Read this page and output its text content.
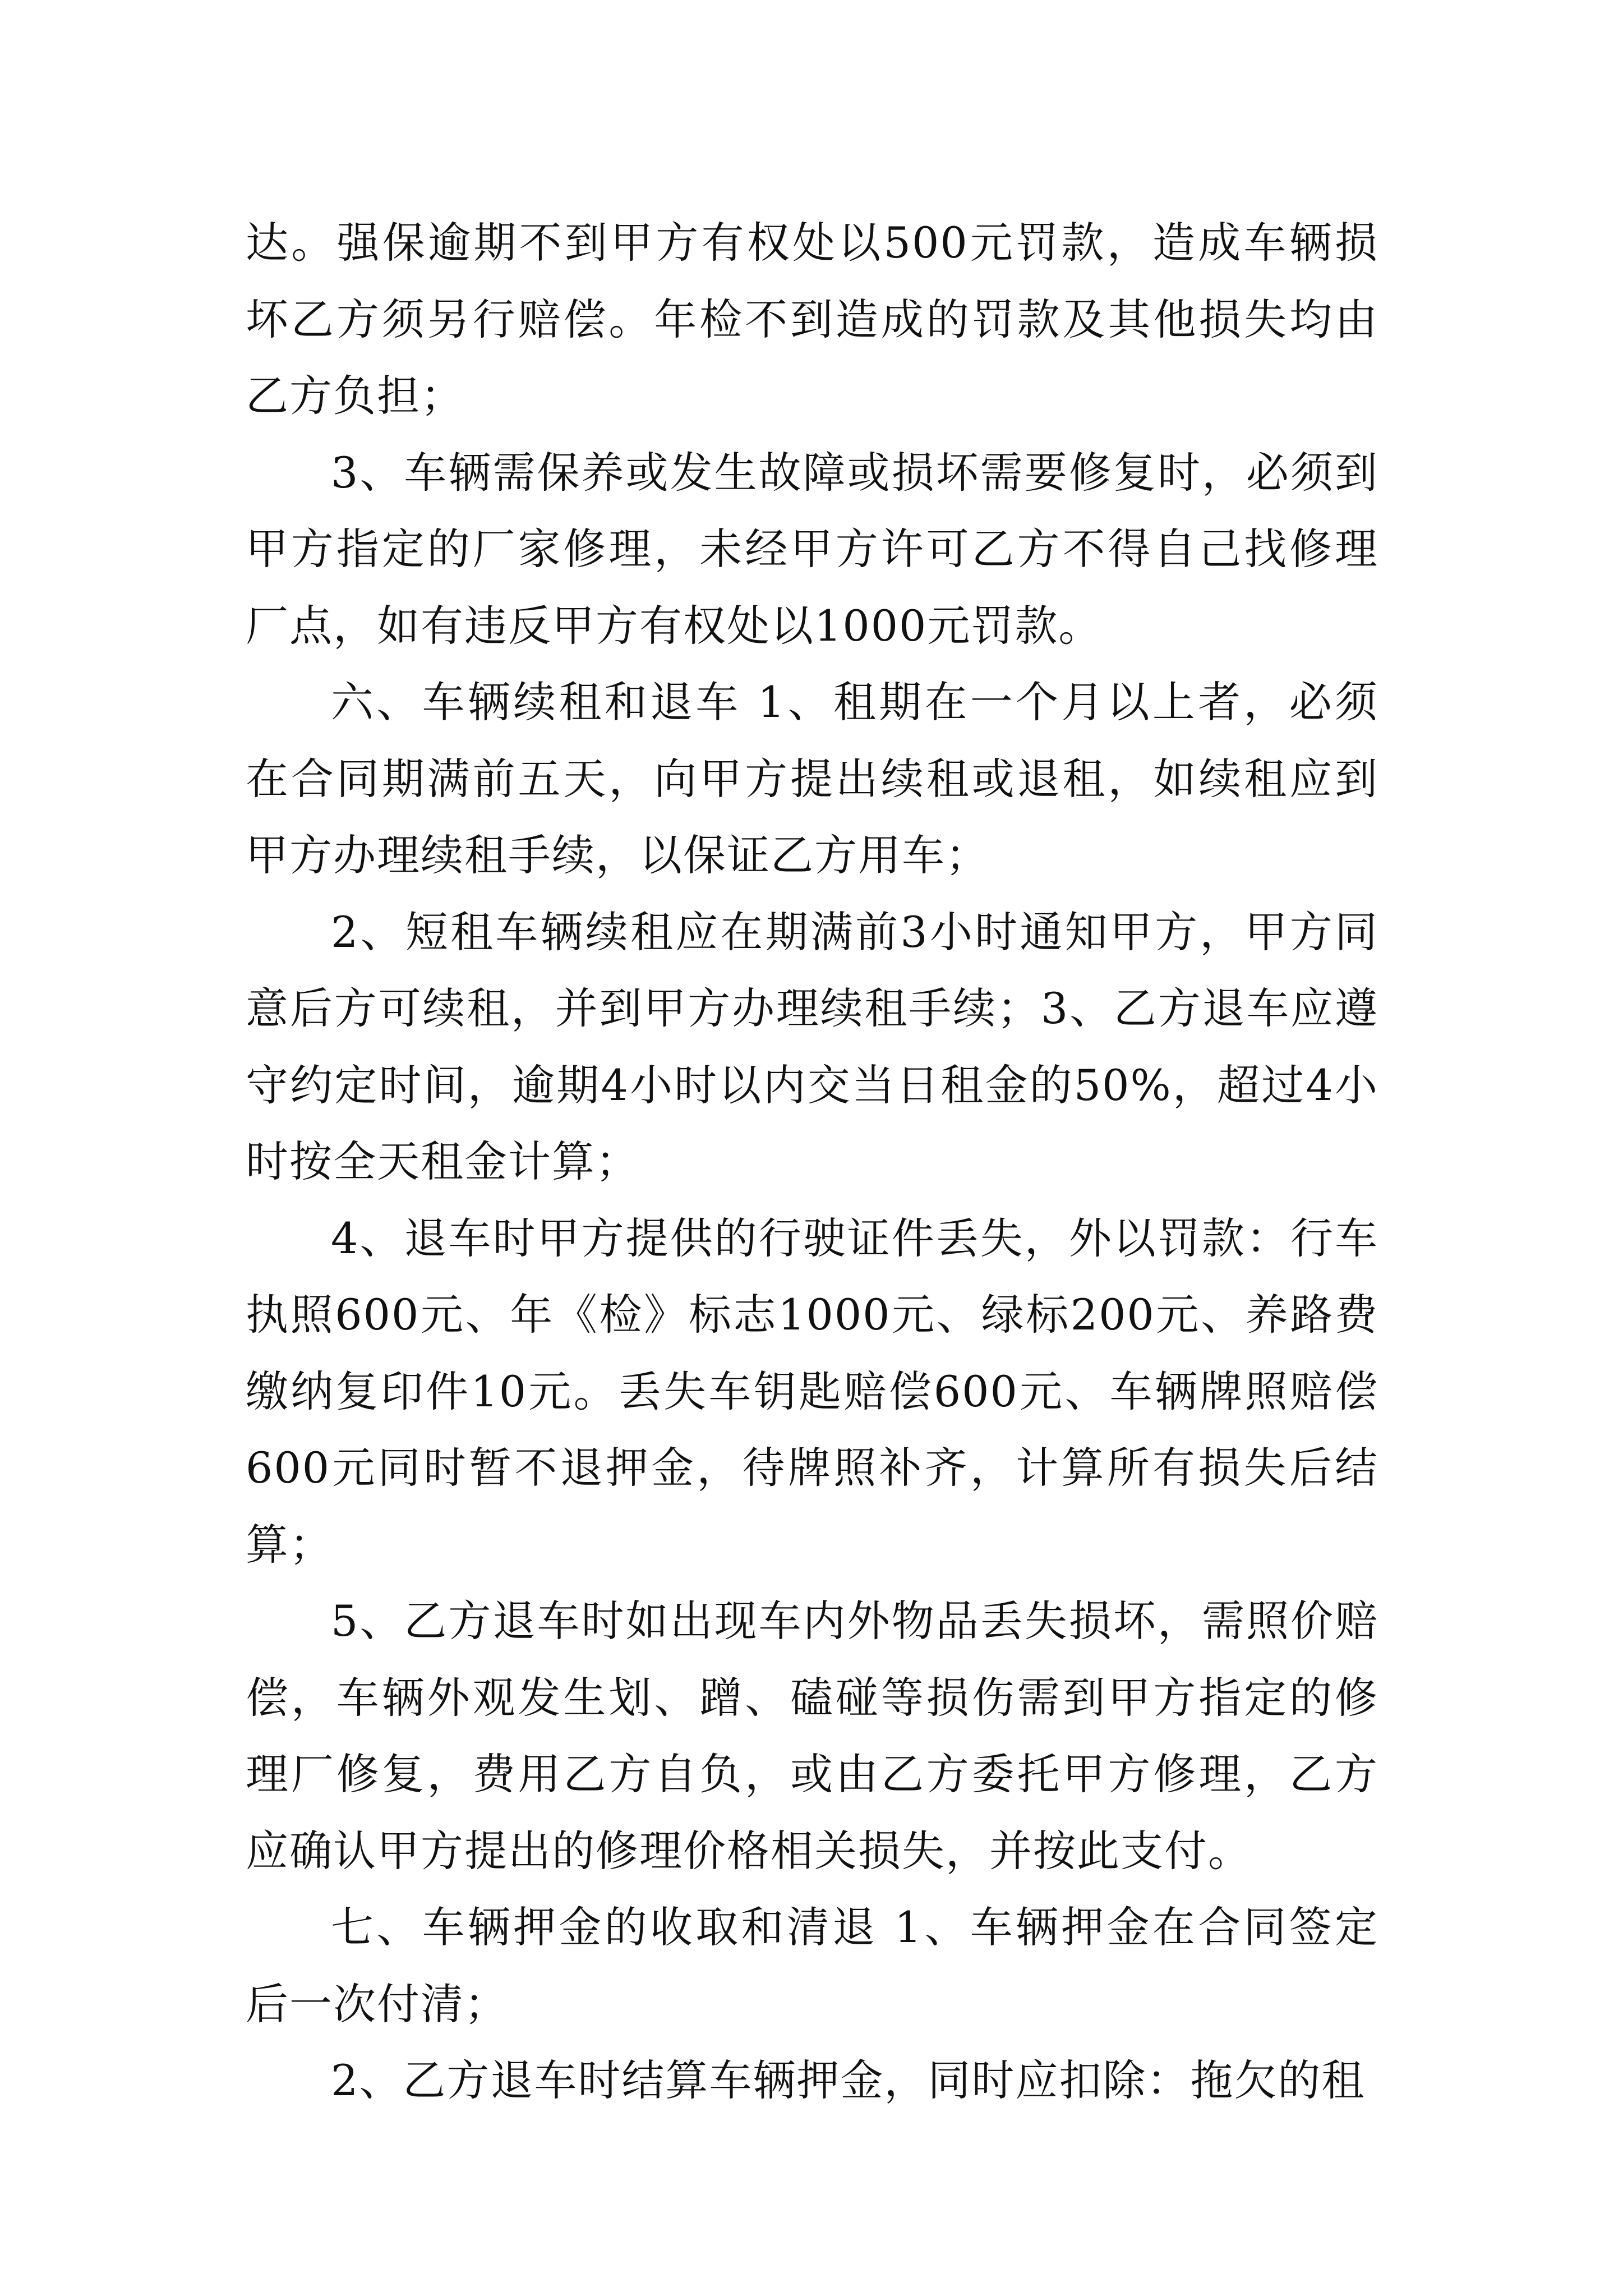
达。强保逾期不到甲方有权处以500元罚款，造成车辆损坏乙方须另行赔偿。年检不到造成的罚款及其他损失均由乙方负担；

3、车辆需保养或发生故障或损坏需要修复时，必须到甲方指定的厂家修理，未经甲方许可乙方不得自己找修理厂点，如有违反甲方有权处以1000元罚款。

六、车辆续租和退车 1、租期在一个月以上者，必须在合同期满前五天，向甲方提出续租或退租，如续租应到甲方办理续租手续，以保证乙方用车；

2、短租车辆续租应在期满前3小时通知甲方，甲方同意后方可续租，并到甲方办理续租手续；3、乙方退车应遵守约定时间，逾期4小时以内交当日租金的50%，超过4小时按全天租金计算；

4、退车时甲方提供的行驶证件丢失，外以罚款：行车执照600元、年《检》标志1000元、绿标200元、养路费缴纳复印件10元。丢失车钥匙赔偿600元、车辆牌照赔偿600元同时暂不退押金，待牌照补齐，计算所有损失后结算；

5、乙方退车时如出现车内外物品丢失损坏，需照价赔偿，车辆外观发生划、蹭、磕碰等损伤需到甲方指定的修理厂修复，费用乙方自负，或由乙方委托甲方修理，乙方应确认甲方提出的修理价格相关损失，并按此支付。

七、车辆押金的收取和清退 1、车辆押金在合同签定后一次付清；

2、乙方退车时结算车辆押金，同时应扣除：拖欠的租
